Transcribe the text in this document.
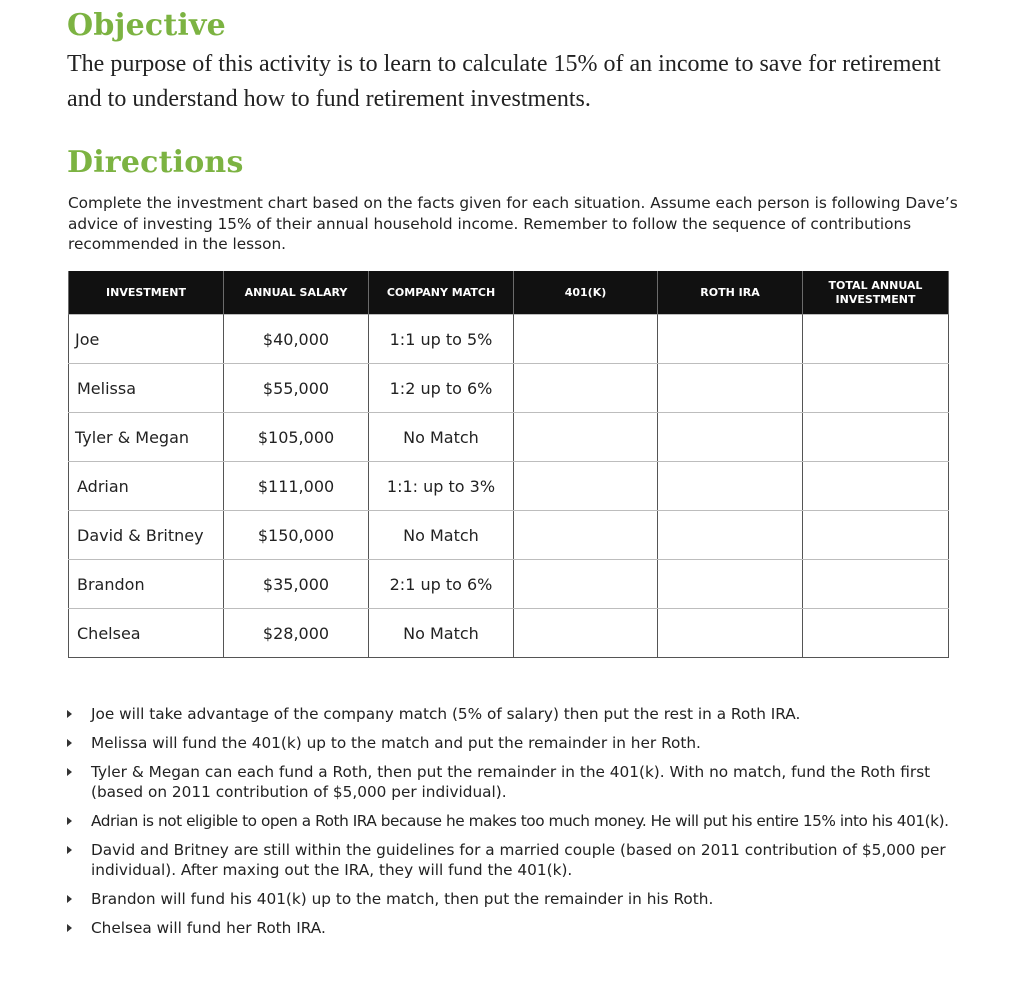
Objective

The purpose of this activity is to learn to calculate 15% of an income to save for retirement and to understand how to fund retirement investments.

Directions

Complete the investment chart based on the facts given for each situation. Assume each person is following Dave’s advice of investing 15% of their annual household income. Remember to follow the sequence of contributions recommended in the lesson.

INVESTMENT	ANNUAL SALARY	COMPANY MATCH	401(K)	ROTH IRA	TOTAL ANNUAL INVESTMENT
Joe	$40,000	1:1 up to 5%			
Melissa	$55,000	1:2 up to 6%			
Tyler & Megan	$105,000	No Match			
Adrian	$111,000	1:1: up to 3%			
David & Britney	$150,000	No Match			
Brandon	$35,000	2:1 up to 6%			
Chelsea	$28,000	No Match			
Joe will take advantage of the company match (5% of salary) then put the rest in a Roth IRA.
Melissa will fund the 401(k) up to the match and put the remainder in her Roth.
Tyler & Megan can each fund a Roth, then put the remainder in the 401(k). With no match, fund the Roth first (based on 2011 contribution of $5,000 per individual).
Adrian is not eligible to open a Roth IRA because he makes too much money. He will put his entire 15% into his 401(k).
David and Britney are still within the guidelines for a married couple (based on 2011 contribution of $5,000 per individual). After maxing out the IRA, they will fund the 401(k).
Brandon will fund his 401(k) up to the match, then put the remainder in his Roth.
Chelsea will fund her Roth IRA.
